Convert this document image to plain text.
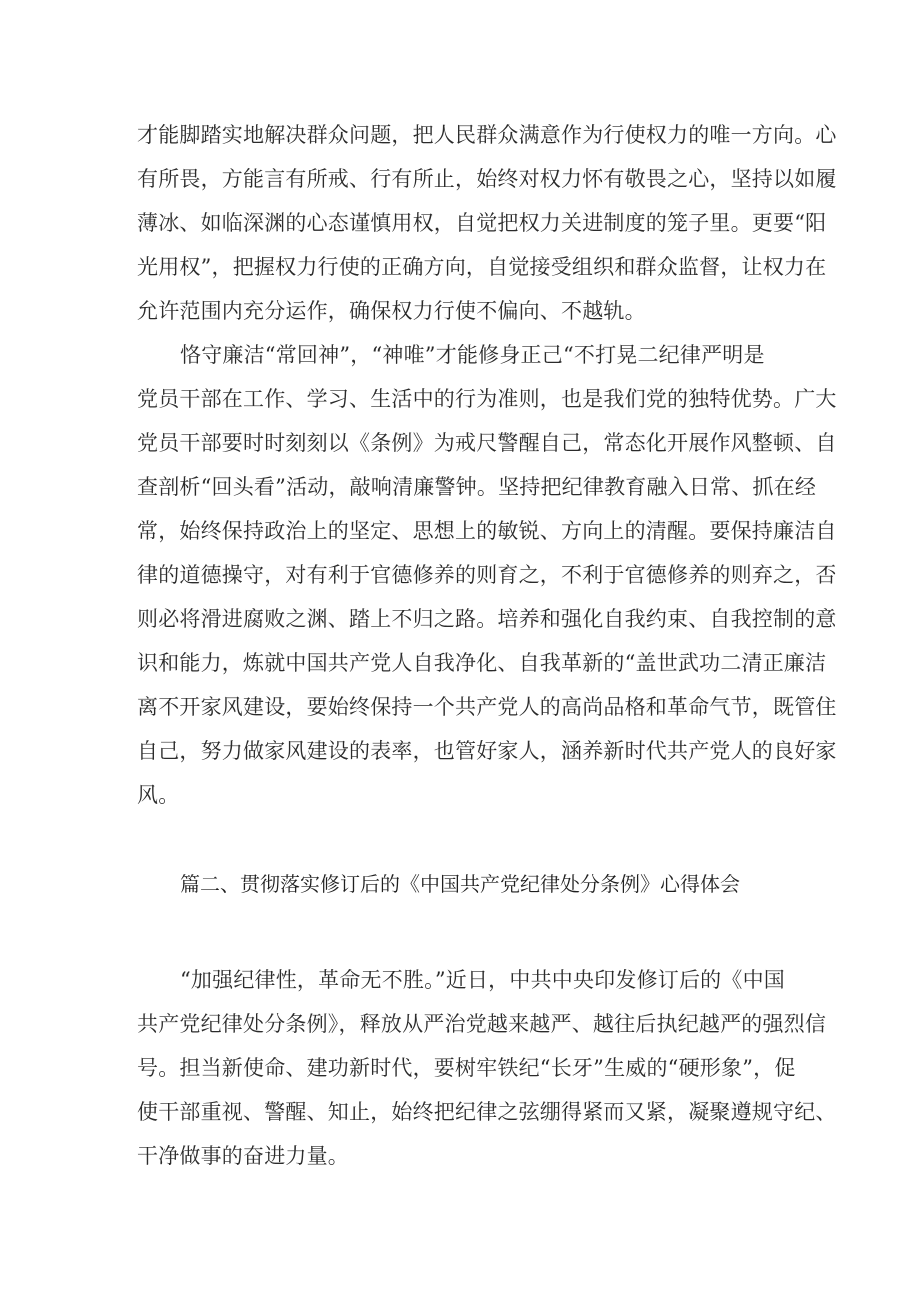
才能脚踏实地解决群众问题，把人民群众满意作为行使权力的唯一方向。心
有所畏，方能言有所戒、行有所止，始终对权力怀有敬畏之心，坚持以如履
薄冰、如临深渊的心态谨慎用权，自觉把权力关进制度的笼子里。更要“阳
光用权”，把握权力行使的正确方向，自觉接受组织和群众监督，让权力在
允许范围内充分运作，确保权力行使不偏向、不越轨。
恪守廉洁“常回神”，“神唯”才能修身正己“不打晃二纪律严明是
党员干部在工作、学习、生活中的行为准则，也是我们党的独特优势。广大
党员干部要时时刻刻以《条例》为戒尺警醒自己，常态化开展作风整顿、自
查剖析“回头看”活动，敲响清廉警钟。坚持把纪律教育融入日常、抓在经
常，始终保持政治上的坚定、思想上的敏锐、方向上的清醒。要保持廉洁自
律的道德操守，对有利于官德修养的则育之，不利于官德修养的则弃之，否
则必将滑进腐败之渊、踏上不归之路。培养和强化自我约束、自我控制的意
识和能力，炼就中国共产党人自我净化、自我革新的“盖世武功二清正廉洁
离不开家风建设，要始终保持一个共产党人的高尚品格和革命气节，既管住
自己，努力做家风建设的表率，也管好家人，涵养新时代共产党人的良好家
风。
篇二、贯彻落实修订后的《中国共产党纪律处分条例》心得体会
“加强纪律性，革命无不胜。”近日，中共中央印发修订后的《中国
共产党纪律处分条例》，释放从严治党越来越严、越往后执纪越严的强烈信
号。担当新使命、建功新时代，要树牢铁纪“长牙”生威的“硬形象”，促
使干部重视、警醒、知止，始终把纪律之弦绷得紧而又紧，凝聚遵规守纪、
干净做事的奋进力量。
